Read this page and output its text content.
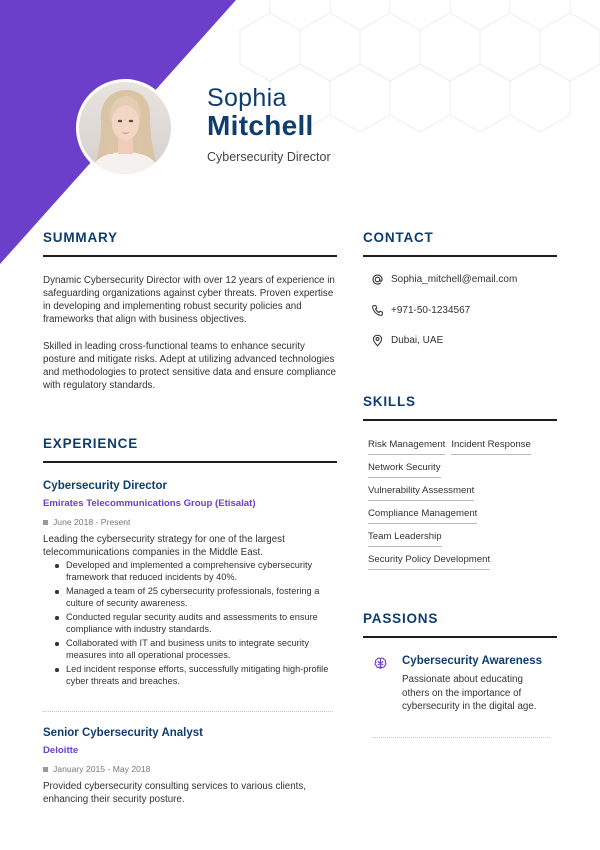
Sophia
Mitchell
Cybersecurity Director
SUMMARY
Dynamic Cybersecurity Director with over 12 years of experience in safeguarding organizations against cyber threats. Proven expertise in developing and implementing robust security policies and frameworks that align with business objectives.
Skilled in leading cross-functional teams to enhance security posture and mitigate risks. Adept at utilizing advanced technologies and methodologies to protect sensitive data and ensure compliance with regulatory standards.
EXPERIENCE
Cybersecurity Director
Emirates Telecommunications Group (Etisalat)
June 2018 - Present
Leading the cybersecurity strategy for one of the largest telecommunications companies in the Middle East.
Developed and implemented a comprehensive cybersecurity framework that reduced incidents by 40%.
Managed a team of 25 cybersecurity professionals, fostering a culture of security awareness.
Conducted regular security audits and assessments to ensure compliance with industry standards.
Collaborated with IT and business units to integrate security measures into all operational processes.
Led incident response efforts, successfully mitigating high-profile cyber threats and breaches.
Senior Cybersecurity Analyst
Deloitte
January 2015 - May 2018
Provided cybersecurity consulting services to various clients, enhancing their security posture.
CONTACT
Sophia_mitchell@email.com
+971-50-1234567
Dubai, UAE
SKILLS
Risk Management Incident Response
Network Security
Vulnerability Assessment
Compliance Management
Team Leadership
Security Policy Development
PASSIONS
Cybersecurity Awareness
Passionate about educating others on the importance of cybersecurity in the digital age.
